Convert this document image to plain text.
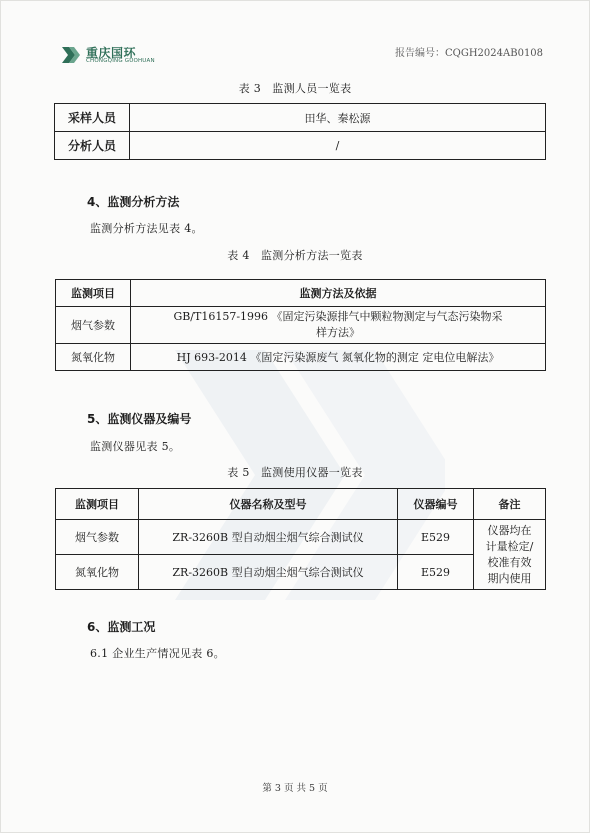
重庆国环
CHONGQING GUOHUAN
报告编号：CQGH2024AB0108
表 3　监测人员一览表
采样人员	田华、秦松源
分析人员	/
4、监测分析方法
监测分析方法见表 4。
表 4　监测分析方法一览表
监测项目	监测方法及依据
烟气参数	GB/T16157-1996 《固定污染源排气中颗粒物测定与气态污染物采
样方法》

氮氧化物	HJ 693-2014 《固定污染源废气 氮氧化物的测定 定电位电解法》
5、监测仪器及编号
监测仪器见表 5。
表 5　监测使用仪器一览表
监测项目	仪器名称及型号	仪器编号	备注
烟气参数	ZR-3260B 型自动烟尘烟气综合测试仪	E529	仪器均在
计量检定/
校准有效
期内使用

氮氧化物	ZR-3260B 型自动烟尘烟气综合测试仪	E529	
6、监测工况
6.1 企业生产情况见表 6。
第 3 页 共 5 页
